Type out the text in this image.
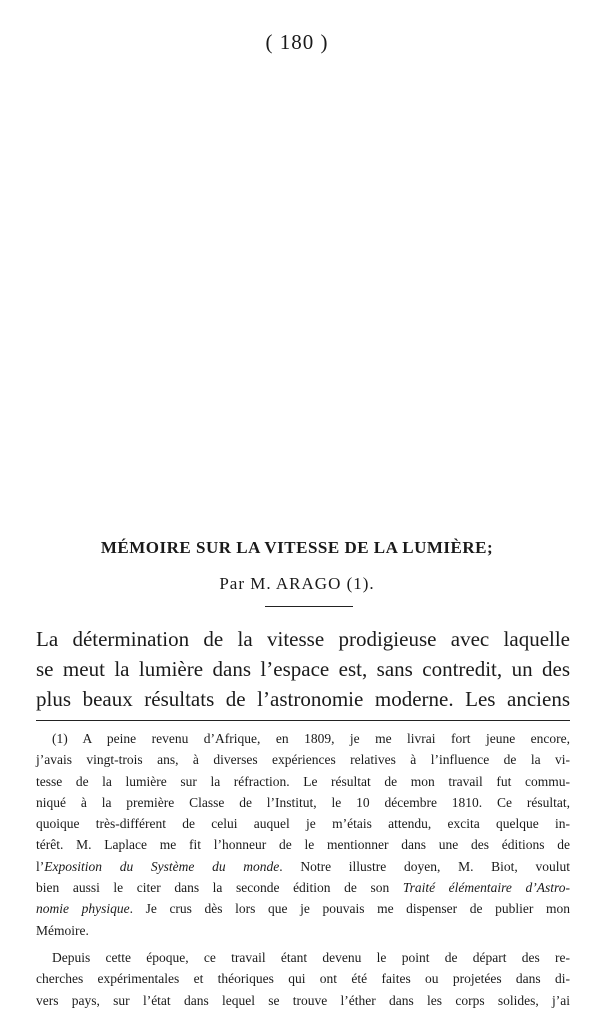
( 180 )
MÉMOIRE SUR LA VITESSE DE LA LUMIÈRE;
Par M. ARAGO (1).
La détermination de la vitesse prodigieuse avec laquelle
se meut la lumière dans l’espace est, sans contredit, un des
plus beaux résultats de l’astronomie moderne. Les anciens
(1) A peine revenu d’Afrique, en 1809, je me livrai fort jeune encore,
j’avais vingt-trois ans, à diverses expériences relatives à l’influence de la vi-
tesse de la lumière sur la réfraction. Le résultat de mon travail fut commu-
niqué à la première Classe de l’Institut, le 10 décembre 1810. Ce résultat,
quoique très-différent de celui auquel je m’étais attendu, excita quelque in-
térêt. M. Laplace me fit l’honneur de le mentionner dans une des éditions de
l’Exposition du Système du monde. Notre illustre doyen, M. Biot, voulut
bien aussi le citer dans la seconde édition de son Traité élémentaire d’Astro-
nomie physique. Je crus dès lors que je pouvais me dispenser de publier mon
Mémoire.
Depuis cette époque, ce travail étant devenu le point de départ des re-
cherches expérimentales et théoriques qui ont été faites ou projetées dans di-
vers pays, sur l’état dans lequel se trouve l’éther dans les corps solides, j’ai
